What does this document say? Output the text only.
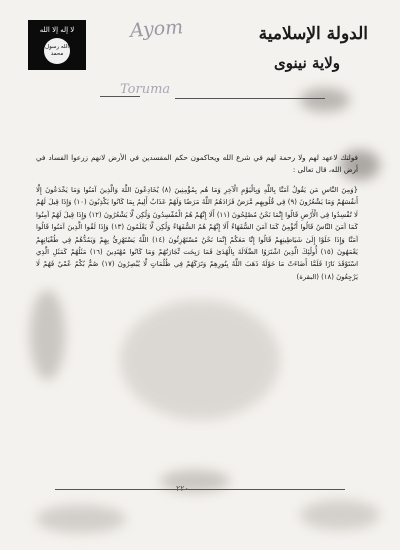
لا إله إلا الله
الله رسول محمد
Ayom
Toruma
الدولة الإسلامية
ولاية نينوى

فولتك لاعهد لهم ولا رحمة لهم في شرع الله ويحاكمون حكم المفسدين في الأرض لانهم زرعوا الفساد في أرض الله، قال تعالى :

{وَمِنَ النَّاسِ مَن يَقُولُ آمَنَّا بِاللَّهِ وَبِالْيَوْمِ الْآخِرِ وَمَا هُم بِمُؤْمِنِينَ (٨) يُخَادِعُونَ اللَّهَ وَالَّذِينَ آمَنُوا وَمَا يَخْدَعُونَ إِلَّا أَنفُسَهُمْ وَمَا يَشْعُرُونَ (٩) فِي قُلُوبِهِم مَّرَضٌ فَزَادَهُمُ اللَّهُ مَرَضًا وَلَهُمْ عَذَابٌ أَلِيمٌ بِمَا كَانُوا يَكْذِبُونَ (١٠) وَإِذَا قِيلَ لَهُمْ لَا تُفْسِدُوا فِي الْأَرْضِ قَالُوا إِنَّمَا نَحْنُ مُصْلِحُونَ (١١) أَلَا إِنَّهُمْ هُمُ الْمُفْسِدُونَ وَلَٰكِن لَّا يَشْعُرُونَ (١٢) وَإِذَا قِيلَ لَهُمْ آمِنُوا كَمَا آمَنَ النَّاسُ قَالُوا أَنُؤْمِنُ كَمَا آمَنَ السُّفَهَاءُ أَلَا إِنَّهُمْ هُمُ السُّفَهَاءُ وَلَٰكِن لَّا يَعْلَمُونَ (١٣) وَإِذَا لَقُوا الَّذِينَ آمَنُوا قَالُوا آمَنَّا وَإِذَا خَلَوْا إِلَىٰ شَيَاطِينِهِمْ قَالُوا إِنَّا مَعَكُمْ إِنَّمَا نَحْنُ مُسْتَهْزِئُونَ (١٤) اللَّهُ يَسْتَهْزِئُ بِهِمْ وَيَمُدُّهُمْ فِي طُغْيَانِهِمْ يَعْمَهُونَ (١٥) أُولَٰئِكَ الَّذِينَ اشْتَرَوُا الضَّلَالَةَ بِالْهُدَىٰ فَمَا رَبِحَت تِّجَارَتُهُمْ وَمَا كَانُوا مُهْتَدِينَ (١٦) مَثَلُهُمْ كَمَثَلِ الَّذِي اسْتَوْقَدَ نَارًا فَلَمَّا أَضَاءَتْ مَا حَوْلَهُ ذَهَبَ اللَّهُ بِنُورِهِمْ وَتَرَكَهُمْ فِي ظُلُمَاتٍ لَّا يُبْصِرُونَ (١٧) صُمٌّ بُكْمٌ عُمْيٌ فَهُمْ لَا يَرْجِعُونَ (١٨) (البقرة)

٢٢٠
